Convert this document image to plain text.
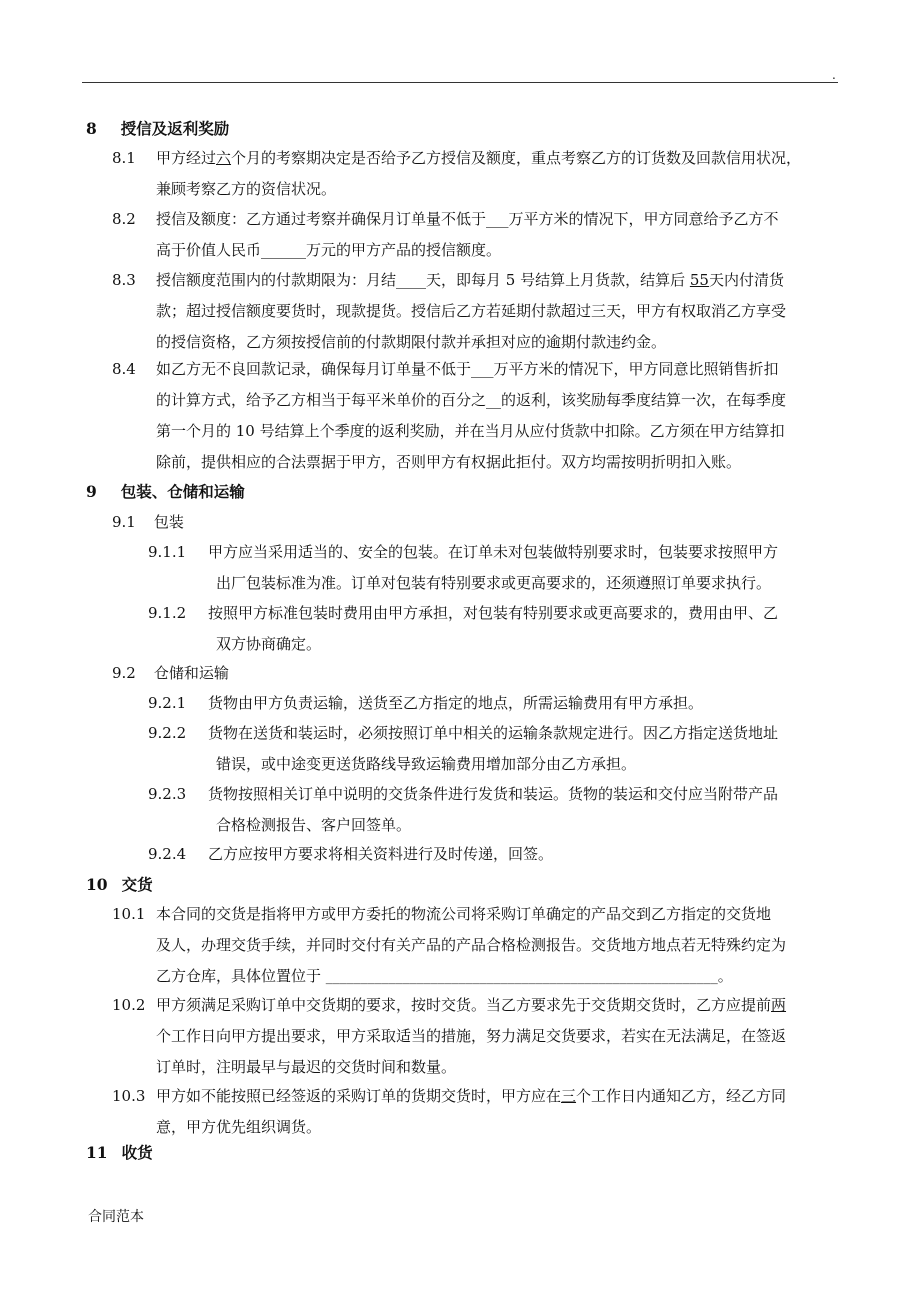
.
8 授信及返利奖励
8.1 甲方经过六个月的考察期决定是否给予乙方授信及额度，重点考察乙方的订货数及回款信用状况，
兼顾考察乙方的资信状况。
8.2 授信及额度：乙方通过考察并确保月订单量不低于___万平方米的情况下，甲方同意给予乙方不
高于价值人民币______万元的甲方产品的授信额度。
8.3 授信额度范围内的付款期限为：月结____天，即每月 5 号结算上月货款，结算后 55天内付清货
款；超过授信额度要货时，现款提货。授信后乙方若延期付款超过三天，甲方有权取消乙方享受
的授信资格，乙方须按授信前的付款期限付款并承担对应的逾期付款违约金。
8.4 如乙方无不良回款记录，确保每月订单量不低于___万平方米的情况下，甲方同意比照销售折扣
的计算方式，给予乙方相当于每平米单价的百分之__的返利，该奖励每季度结算一次，在每季度
第一个月的 10 号结算上个季度的返利奖励，并在当月从应付货款中扣除。乙方须在甲方结算扣
除前，提供相应的合法票据于甲方，否则甲方有权据此拒付。双方均需按明折明扣入账。
9 包装、仓储和运输
9.1 包装
9.1.1 甲方应当采用适当的、安全的包装。在订单未对包装做特别要求时，包装要求按照甲方
出厂包装标准为准。订单对包装有特别要求或更高要求的，还须遵照订单要求执行。
9.1.2 按照甲方标准包装时费用由甲方承担，对包装有特别要求或更高要求的，费用由甲、乙
双方协商确定。
9.2 仓储和运输
9.2.1 货物由甲方负责运输，送货至乙方指定的地点，所需运输费用有甲方承担。
9.2.2 货物在送货和装运时，必须按照订单中相关的运输条款规定进行。因乙方指定送货地址
错误，或中途变更送货路线导致运输费用增加部分由乙方承担。
9.2.3 货物按照相关订单中说明的交货条件进行发货和装运。货物的装运和交付应当附带产品
合格检测报告、客户回签单。
9.2.4 乙方应按甲方要求将相关资料进行及时传递，回签。
10 交货
10.1 本合同的交货是指将甲方或甲方委托的物流公司将采购订单确定的产品交到乙方指定的交货地
及人，办理交货手续，并同时交付有关产品的产品合格检测报告。交货地方地点若无特殊约定为
乙方仓库，具体位置位于 ________________________________________________________。
10.2 甲方须满足采购订单中交货期的要求，按时交货。当乙方要求先于交货期交货时，乙方应提前两
个工作日向甲方提出要求，甲方采取适当的措施，努力满足交货要求，若实在无法满足，在签返
订单时，注明最早与最迟的交货时间和数量。
10.3 甲方如不能按照已经签返的采购订单的货期交货时，甲方应在三个工作日内通知乙方，经乙方同
意，甲方优先组织调货。
11 收货
合同范本
